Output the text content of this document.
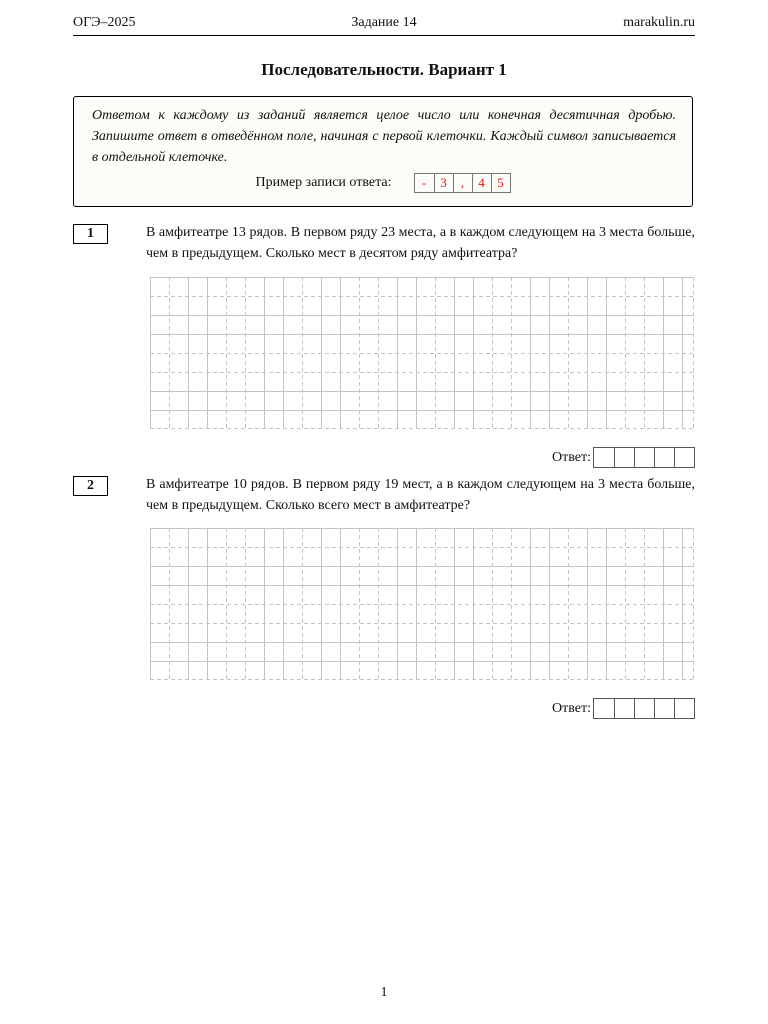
ОГЭ–2025	Задание 14	marakulin.ru
Последовательности. Вариант 1
Ответом к каждому из заданий является целое число или конечная десятичная дробью. Запишите ответ в отведённом поле, начиная с первой клеточки. Каждый символ записывается в отдельной клеточке.
Пример записи ответа:	-	3	,	4 5
1	В амфитеатре 13 рядов. В первом ряду 23 места, а в каждом следующем на 3 места больше, чем в предыдущем. Сколько мест в десятом ряду амфитеатра?
Ответ:
2	В амфитеатре 10 рядов. В первом ряду 19 мест, а в каждом следующем на 3 места больше, чем в предыдущем. Сколько всего мест в амфитеатре?
Ответ:
1
